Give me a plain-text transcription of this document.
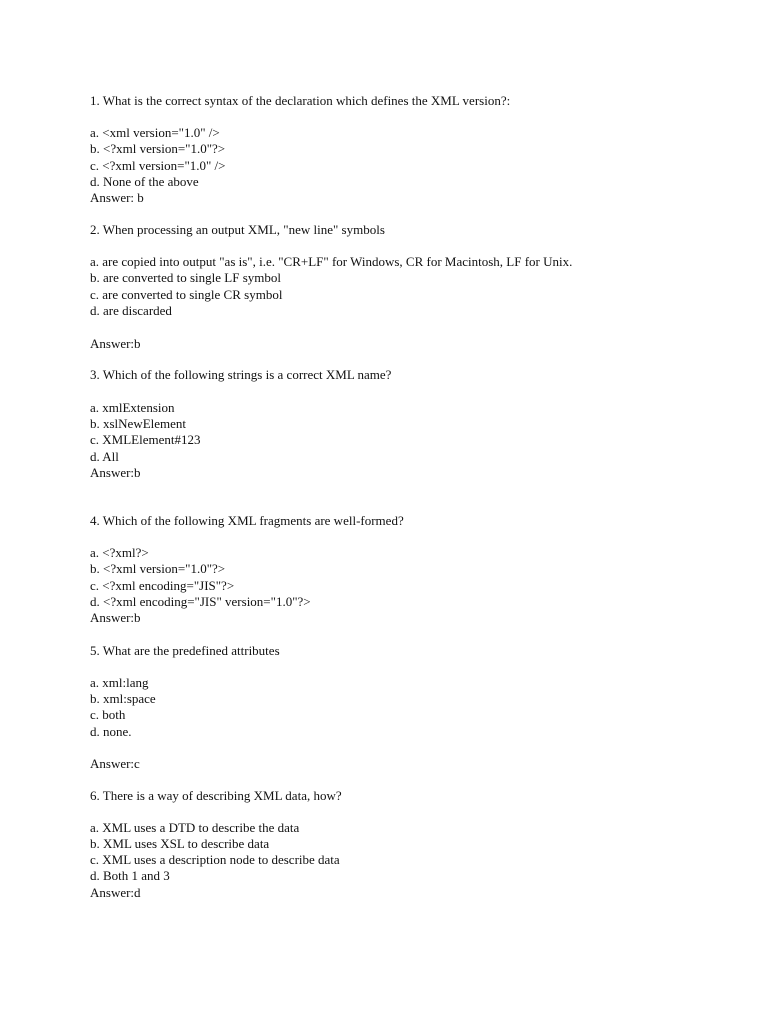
1. What is the correct syntax of the declaration which defines the XML version?:
a. <xml version="1.0" />
b. <?xml version="1.0"?>
c. <?xml version="1.0" />
d. None of the above
Answer: b
2. When processing an output XML, "new line" symbols
a. are copied into output "as is", i.e. "CR+LF" for Windows, CR for Macintosh, LF for Unix.
b. are converted to single LF symbol
c. are converted to single CR symbol
d. are discarded
Answer:b
3. Which of the following strings is a correct XML name?
a. xmlExtension
b. xslNewElement
c. XMLElement#123
d. All
Answer:b
4. Which of the following XML fragments are well-formed?
a. <?xml?>
b. <?xml version="1.0"?>
c. <?xml encoding="JIS"?>
d. <?xml encoding="JIS" version="1.0"?>
Answer:b
5. What are the predefined attributes
a. xml:lang
b. xml:space
c. both
d. none.
Answer:c
6. There is a way of describing XML data, how?
a. XML uses a DTD to describe the data
b. XML uses XSL to describe data
c. XML uses a description node to describe data
d. Both 1 and 3
Answer:d
